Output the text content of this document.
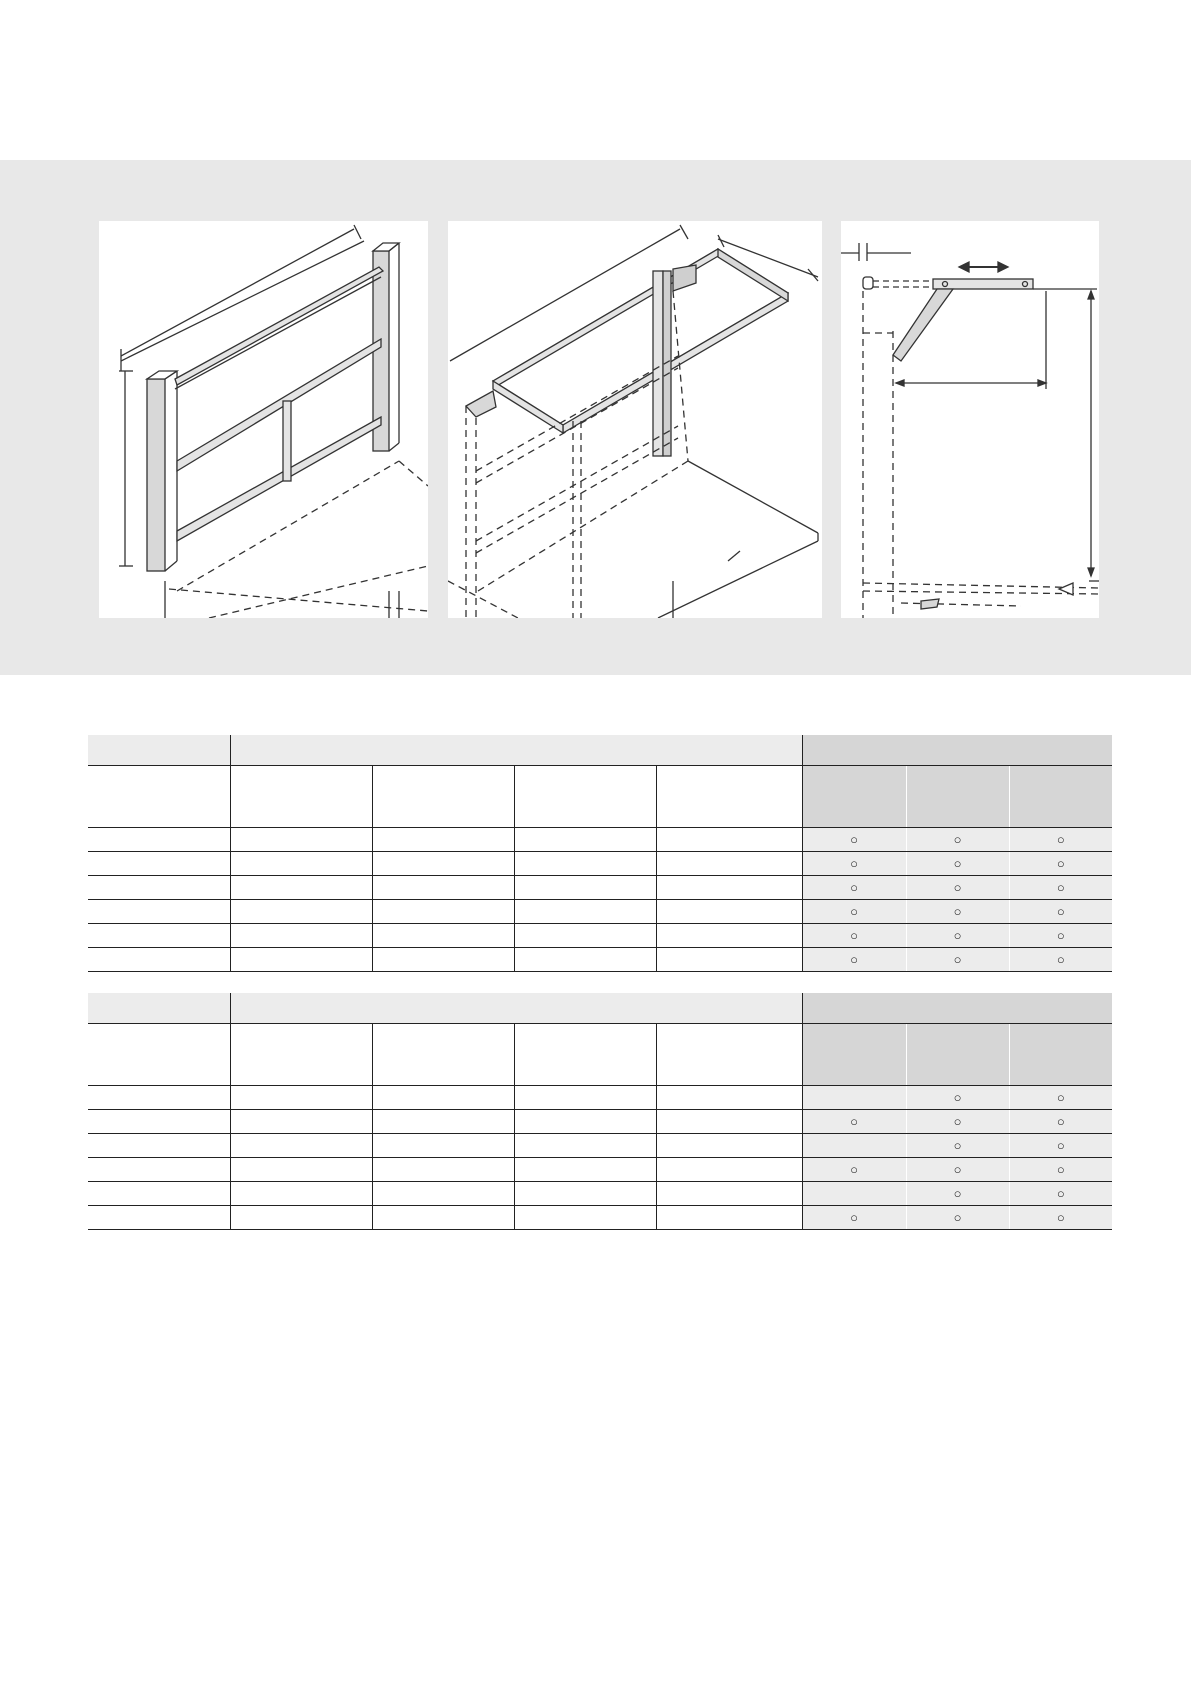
					○	○	○
					○	○	○
					○	○	○
					○	○	○
					○	○	○
					○	○	○

						○	○
					○	○	○
						○	○
					○	○	○
						○	○
					○	○	○
